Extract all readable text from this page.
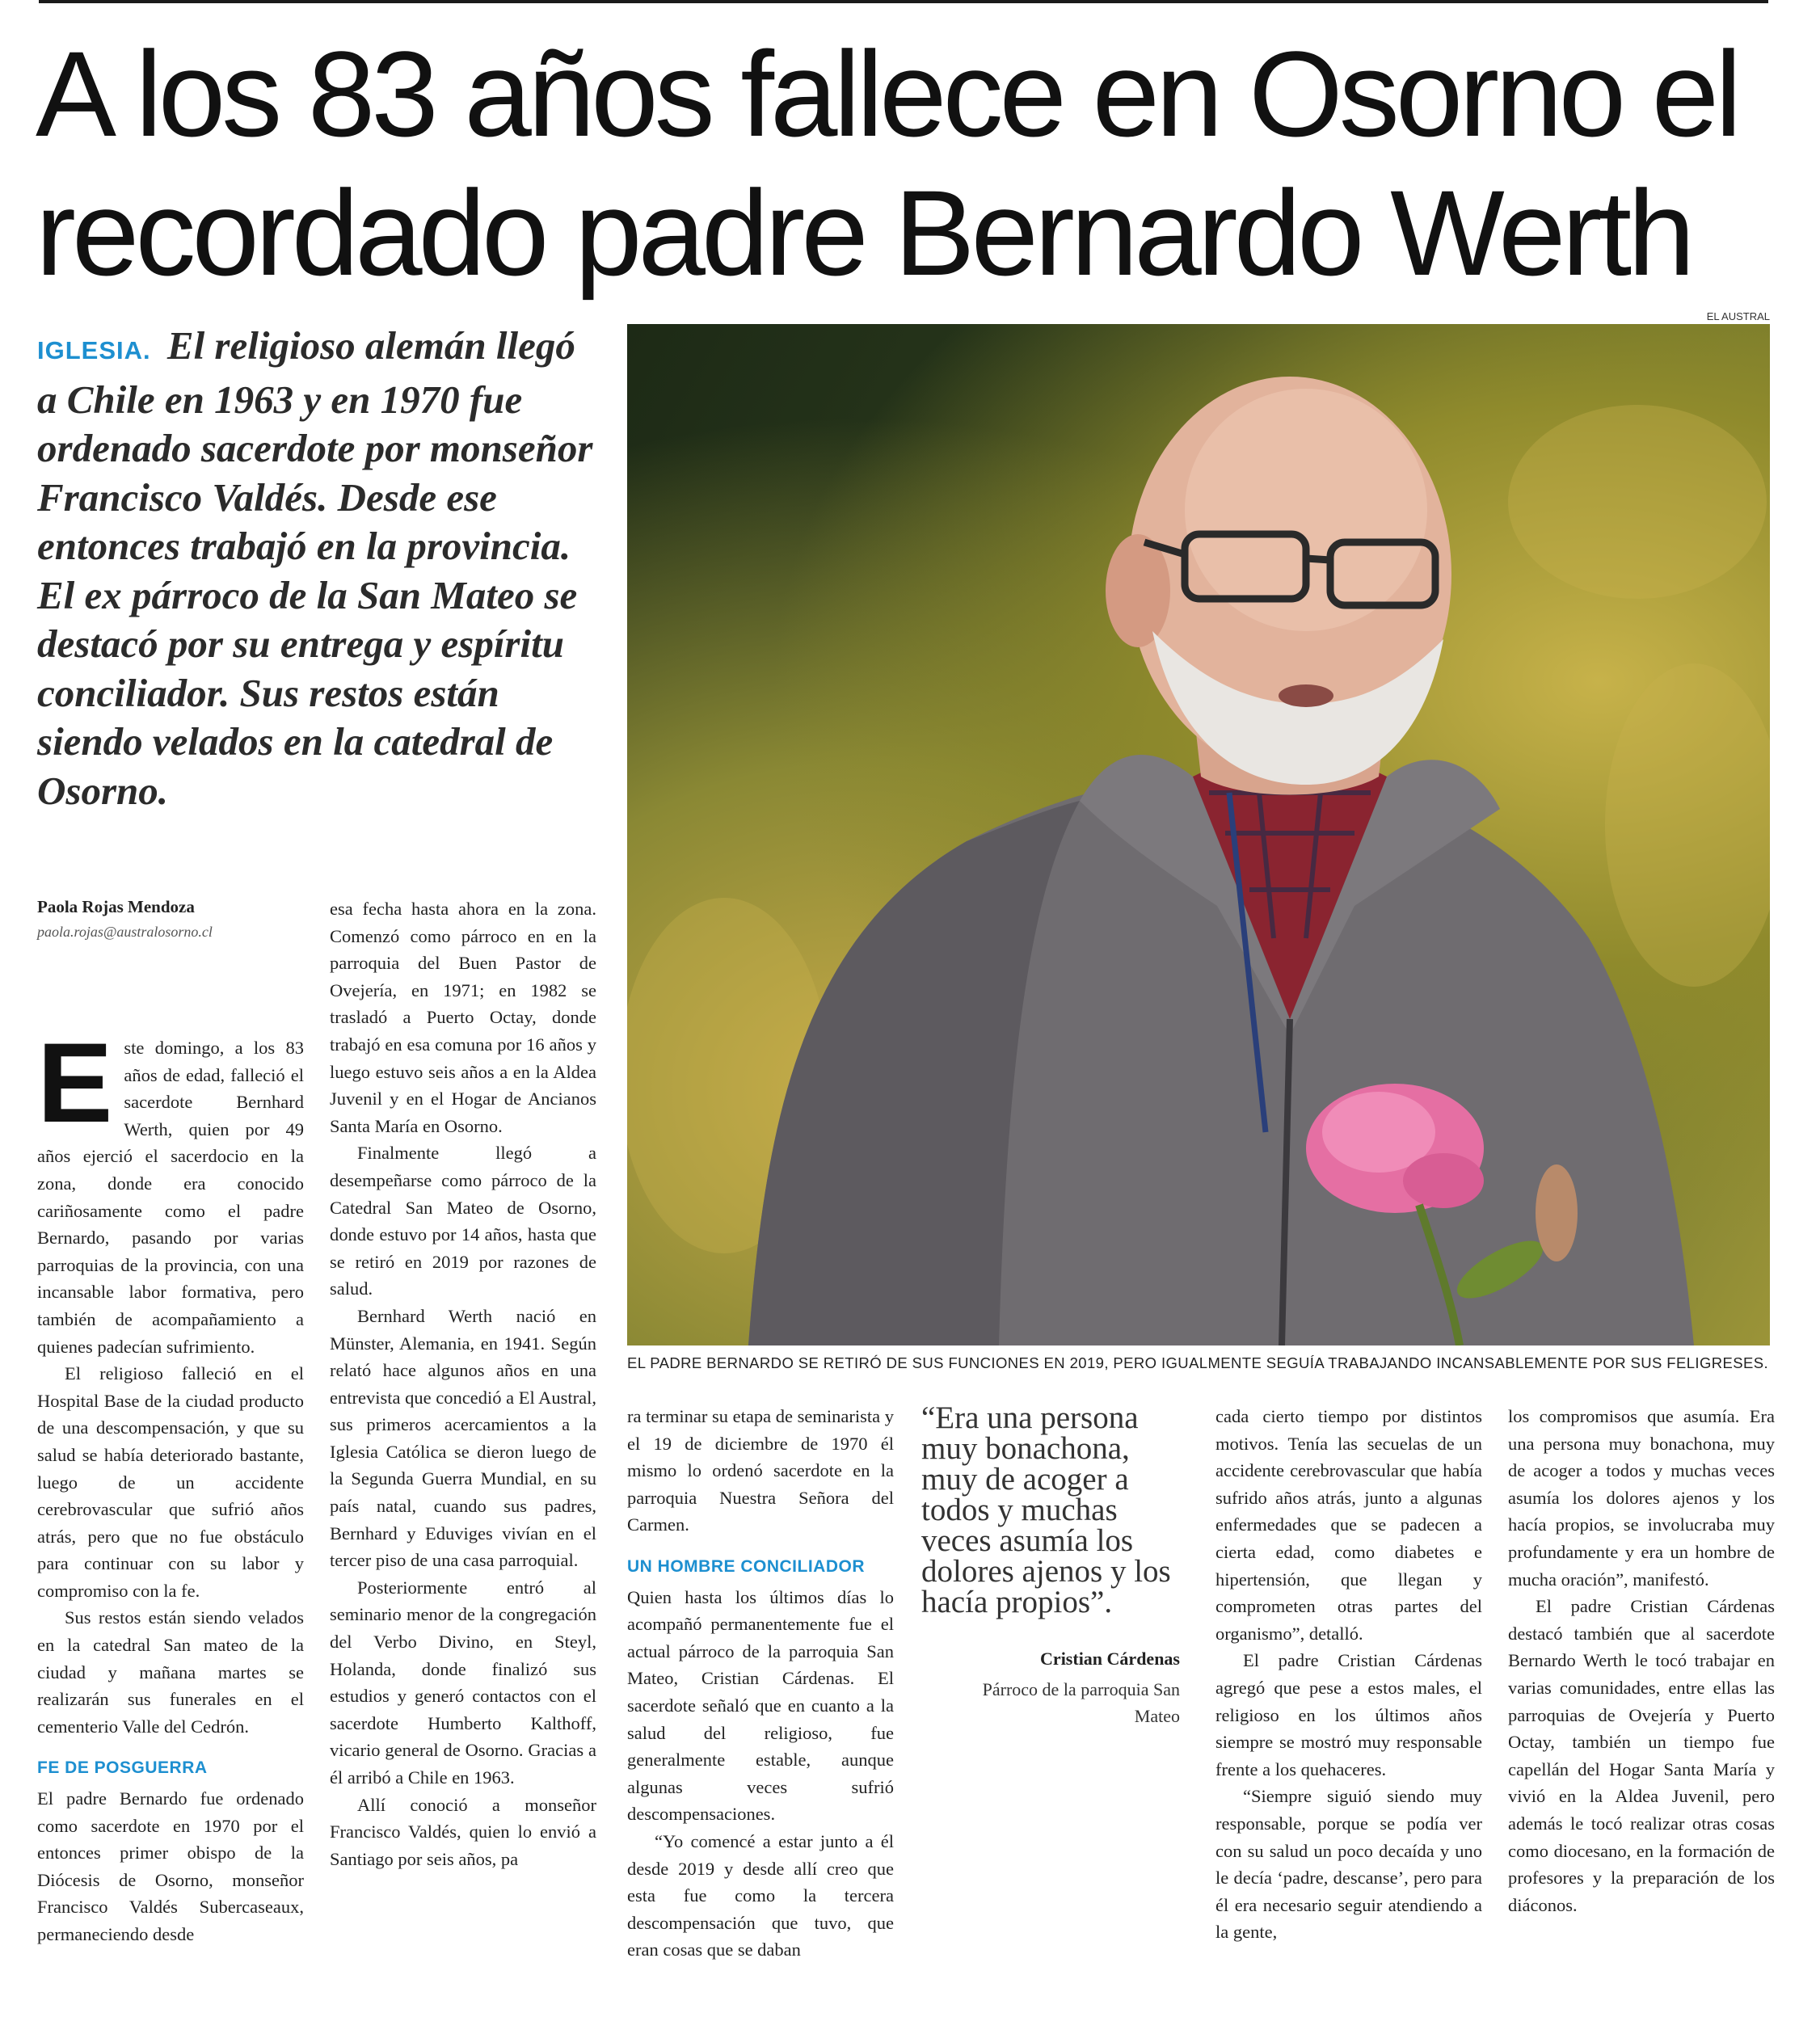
A los 83 años fallece en Osorno el recordado padre Bernardo Werth

IGLESIA. El religioso alemán llegó a Chile en 1963 y en 1970 fue ordenado sacerdote por monseñor Francisco Valdés. Desde ese entonces trabajó en la provincia. El ex párroco de la San Mateo se destacó por su entrega y espíritu conciliador. Sus restos están siendo velados en la catedral de Osorno.

EL AUSTRAL
EL PADRE BERNARDO SE RETIRÓ DE SUS FUNCIONES EN 2019, PERO IGUALMENTE SEGUÍA TRABAJANDO INCANSABLEMENTE POR SUS FELIGRESES.
Paola Rojas Mendoza
paola.rojas@australosorno.cl

Este domingo, a los 83 años de edad, falleció el sacerdote Bernhard Werth, quien por 49 años ejerció el sacerdocio en la zona, donde era conocido cariñosamente como el padre Bernardo, pasando por varias parroquias de la provincia, con una incansable labor formativa, pero también de acompañamiento a quienes padecían sufrimiento.

El religioso falleció en el Hospital Base de la ciudad producto de una descompensación, y que su salud se había deteriorado bastante, luego de un accidente cerebrovascular que sufrió años atrás, pero que no fue obstáculo para continuar con su labor y compromiso con la fe.

Sus restos están siendo velados en la catedral San mateo de la ciudad y mañana martes se realizarán sus funerales en el cementerio Valle del Cedrón.

FE DE POSGUERRA

El padre Bernardo fue ordenado como sacerdote en 1970 por el entonces primer obispo de la Diócesis de Osorno, monseñor Francisco Valdés Subercaseaux, permaneciendo desde

esa fecha hasta ahora en la zona. Comenzó como párroco en en la parroquia del Buen Pastor de Ovejería, en 1971; en 1982 se trasladó a Puerto Octay, donde trabajó en esa comuna por 16 años y luego estuvo seis años a en la Aldea Juvenil y en el Hogar de Ancianos Santa María en Osorno.

Finalmente llegó a desempeñarse como párroco de la Catedral San Mateo de Osorno, donde estuvo por 14 años, hasta que se retiró en 2019 por razones de salud.

Bernhard Werth nació en Münster, Alemania, en 1941. Según relató hace algunos años en una entrevista que concedió a El Austral, sus primeros acercamientos a la Iglesia Católica se dieron luego de la Segunda Guerra Mundial, en su país natal, cuando sus padres, Bernhard y Eduviges vivían en el tercer piso de una casa parroquial.

Posteriormente entró al seminario menor de la congregación del Verbo Divino, en Steyl, Holanda, donde finalizó sus estudios y generó contactos con el sacerdote Humberto Kalthoff, vicario general de Osorno. Gracias a él arribó a Chile en 1963.

Allí conoció a monseñor Francisco Valdés, quien lo envió a Santiago por seis años, pa

ra terminar su etapa de seminarista y el 19 de diciembre de 1970 él mismo lo ordenó sacerdote en la parroquia Nuestra Señora del Carmen.

UN HOMBRE CONCILIADOR

Quien hasta los últimos días lo acompañó permanentemente fue el actual párroco de la parroquia San Mateo, Cristian Cárdenas. El sacerdote señaló que en cuanto a la salud del religioso, fue generalmente estable, aunque algunas veces sufrió descompensaciones.

“Yo comencé a estar junto a él desde 2019 y desde allí creo que esta fue como la tercera descompensación que tuvo, que eran cosas que se daban

“Era una persona muy bonachona, muy de acoger a todos y muchas veces asumía los dolores ajenos y los hacía propios”.

Cristian Cárdenas
Párroco de la parroquia San Mateo

cada cierto tiempo por distintos motivos. Tenía las secuelas de un accidente cerebrovascular que había sufrido años atrás, junto a algunas enfermedades que se padecen a cierta edad, como diabetes e hipertensión, que llegan y comprometen otras partes del organismo”, detalló.

El padre Cristian Cárdenas agregó que pese a estos males, el religioso en los últimos años siempre se mostró muy responsable frente a los quehaceres.

“Siempre siguió siendo muy responsable, porque se podía ver con su salud un poco decaída y uno le decía ‘padre, descanse’, pero para él era necesario seguir atendiendo a la gente,

los compromisos que asumía. Era una persona muy bonachona, muy de acoger a todos y muchas veces asumía los dolores ajenos y los hacía propios, se involucraba muy profundamente y era un hombre de mucha oración”, manifestó.

El padre Cristian Cárdenas destacó también que al sacerdote Bernardo Werth le tocó trabajar en varias comunidades, entre ellas las parroquias de Ovejería y Puerto Octay, también un tiempo fue capellán del Hogar Santa María y vivió en la Aldea Juvenil, pero además le tocó realizar otras cosas como diocesano, en la formación de profesores y la preparación de los diáconos.
